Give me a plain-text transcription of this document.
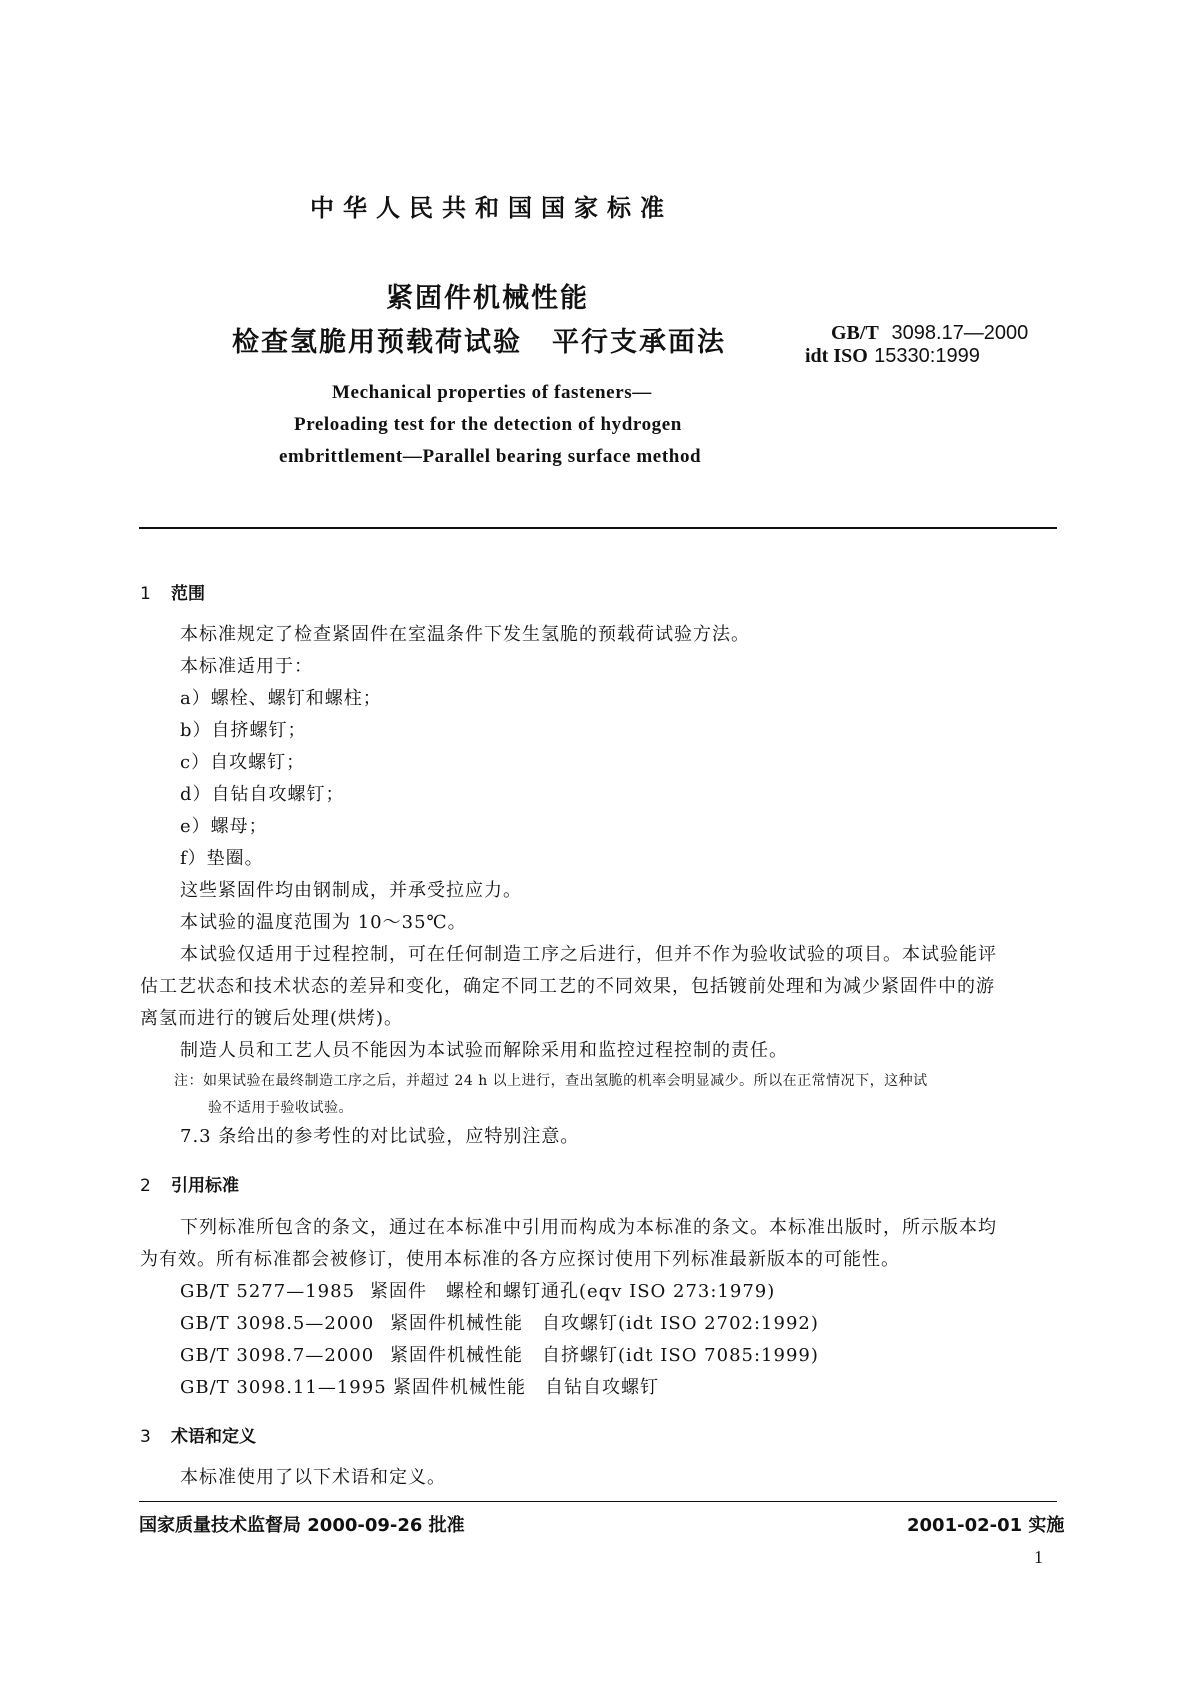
中华人民共和国国家标准
紧固件机械性能
检查氢脆用预载荷试验 平行支承面法	GB/T 3098.17—2000
idt ISO 15330:1999
Mechanical properties of fasteners—
Preloading test for the detection of hydrogen
embrittlement—Parallel bearing surface method
1 范围
本标准规定了检查紧固件在室温条件下发生氢脆的预载荷试验方法。
本标准适用于：
a）螺栓、螺钉和螺柱；
b）自挤螺钉；
c）自攻螺钉；
d）自钻自攻螺钉；
e）螺母；
f）垫圈。
这些紧固件均由钢制成，并承受拉应力。
本试验的温度范围为 10～35℃。
本试验仅适用于过程控制，可在任何制造工序之后进行，但并不作为验收试验的项目。本试验能评
估工艺状态和技术状态的差异和变化，确定不同工艺的不同效果，包括镀前处理和为减少紧固件中的游
离氢而进行的镀后处理(烘烤)。
制造人员和工艺人员不能因为本试验而解除采用和监控过程控制的责任。
注：如果试验在最终制造工序之后，并超过 24 h 以上进行，查出氢脆的机率会明显减少。所以在正常情况下，这种试
验不适用于验收试验。
7.3 条给出的参考性的对比试验，应特别注意。
2 引用标准
下列标准所包含的条文，通过在本标准中引用而构成为本标准的条文。本标准出版时，所示版本均
为有效。所有标准都会被修订，使用本标准的各方应探讨使用下列标准最新版本的可能性。
GB/T 5277—1985 紧固件　螺栓和螺钉通孔(eqv ISO 273:1979)
GB/T 3098.5—2000 紧固件机械性能　自攻螺钉(idt ISO 2702:1992)
GB/T 3098.7—2000 紧固件机械性能　自挤螺钉(idt ISO 7085:1999)
GB/T 3098.11—1995 紧固件机械性能　自钻自攻螺钉
3 术语和定义
本标准使用了以下术语和定义。
国家质量技术监督局 2000-09-26 批准	2001-02-01 实施
1
